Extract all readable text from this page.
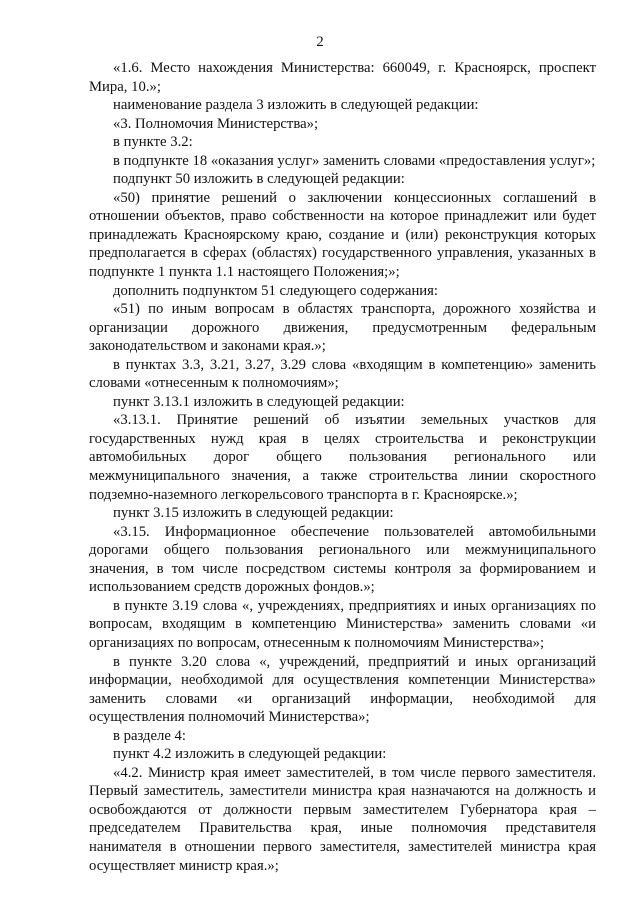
2

«1.6. Место нахождения Министерства: 660049, г. Красноярск, проспект Мира, 10.»;

наименование раздела 3 изложить в следующей редакции:

«3. Полномочия Министерства»;

в пункте 3.2:

в подпункте 18 «оказания услуг» заменить словами «предоставления услуг»;

подпункт 50 изложить в следующей редакции:

«50) принятие решений о заключении концессионных соглашений в отношении объектов, право собственности на которое принадлежит или будет принадлежать Красноярскому краю, создание и (или) реконструкция которых предполагается в сферах (областях) государственного управления, указанных в подпункте 1 пункта 1.1 настоящего Положения;»;

дополнить подпунктом 51 следующего содержания:

«51) по иным вопросам в областях транспорта, дорожного хозяйства и организации дорожного движения, предусмотренным федеральным законодательством и законами края.»;

в пунктах 3.3, 3.21, 3.27, 3.29 слова «входящим в компетенцию» заменить словами «отнесенным к полномочиям»;

пункт 3.13.1 изложить в следующей редакции:

«3.13.1. Принятие решений об изъятии земельных участков для государственных нужд края в целях строительства и реконструкции автомобильных дорог общего пользования регионального или межмуниципального значения, а также строительства линии скоростного подземно-наземного легкорельсового транспорта в г. Красноярске.»;

пункт 3.15 изложить в следующей редакции:

«3.15. Информационное обеспечение пользователей автомобильными дорогами общего пользования регионального или межмуниципального значения, в том числе посредством системы контроля за формированием и использованием средств дорожных фондов.»;

в пункте 3.19 слова «, учреждениях, предприятиях и иных организациях по вопросам, входящим в компетенцию Министерства» заменить словами «и организациях по вопросам, отнесенным к полномочиям Министерства»;

в пункте 3.20 слова «, учреждений, предприятий и иных организаций информации, необходимой для осуществления компетенции Министерства» заменить словами «и организаций информации, необходимой для осуществления полномочий Министерства»;

в разделе 4:

пункт 4.2 изложить в следующей редакции:

«4.2. Министр края имеет заместителей, в том числе первого заместителя. Первый заместитель, заместители министра края назначаются на должность и освобождаются от должности первым заместителем Губернатора края – председателем Правительства края, иные полномочия представителя нанимателя в отношении первого заместителя, заместителей министра края осуществляет министр края.»;
